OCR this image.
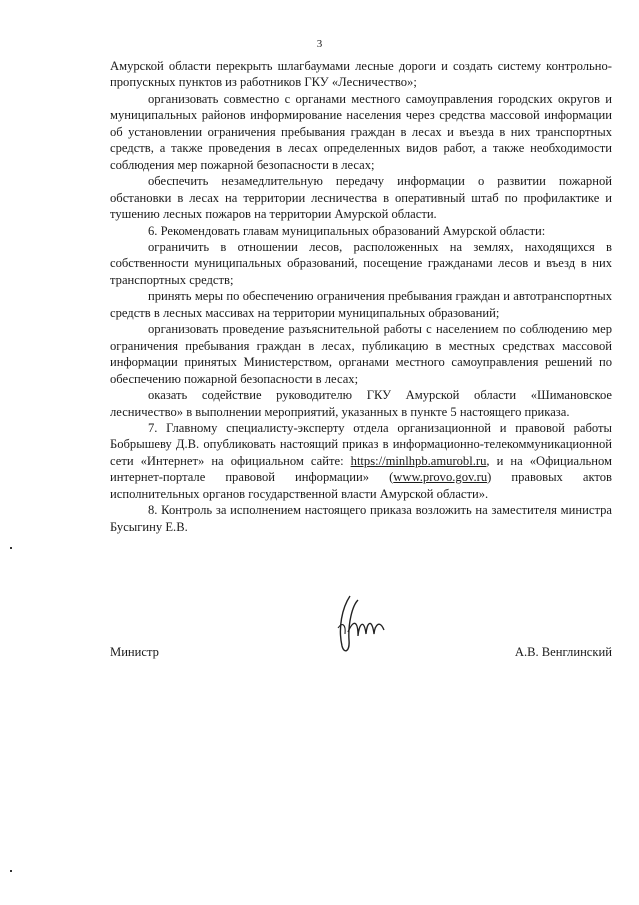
3

Амурской области перекрыть шлагбаумами лесные дороги и создать систему контрольно-пропускных пунктов из работников ГКУ «Лесничество»;

организовать совместно с органами местного самоуправления городских округов и муниципальных районов информирование населения через средства массовой информации об установлении ограничения пребывания граждан в лесах и въезда в них транспортных средств, а также проведения в лесах определенных видов работ, а также необходимости соблюдения мер пожарной безопасности в лесах;

обеспечить незамедлительную передачу информации о развитии пожарной обстановки в лесах на территории лесничества в оперативный штаб по профилактике и тушению лесных пожаров на территории Амурской области.

6. Рекомендовать главам муниципальных образований Амурской области:

ограничить в отношении лесов, расположенных на землях, находящихся в собственности муниципальных образований, посещение гражданами лесов и въезд в них транспортных средств;

принять меры по обеспечению ограничения пребывания граждан и автотранспортных средств в лесных массивах на территории муниципальных образований;

организовать проведение разъяснительной работы с населением по соблюдению мер ограничения пребывания граждан в лесах, публикацию в местных средствах массовой информации принятых Министерством, органами местного самоуправления решений по обеспечению пожарной безопасности в лесах;

оказать содействие руководителю ГКУ Амурской области «Шимановское лесничество» в выполнении мероприятий, указанных в пункте 5 настоящего приказа.

7. Главному специалисту-эксперту отдела организационной и правовой работы Бобрышеву Д.В. опубликовать настоящий приказ в информационно-телекоммуникационной сети «Интернет» на официальном сайте: https://minlhpb.amurobl.ru, и на «Официальном интернет-портале правовой информации» (www.provo.gov.ru) правовых актов исполнительных органов государственной власти Амурской области».

8. Контроль за исполнением настоящего приказа возложить на заместителя министра Бусыгину Е.В.

Министр	А.В. Венглинский
